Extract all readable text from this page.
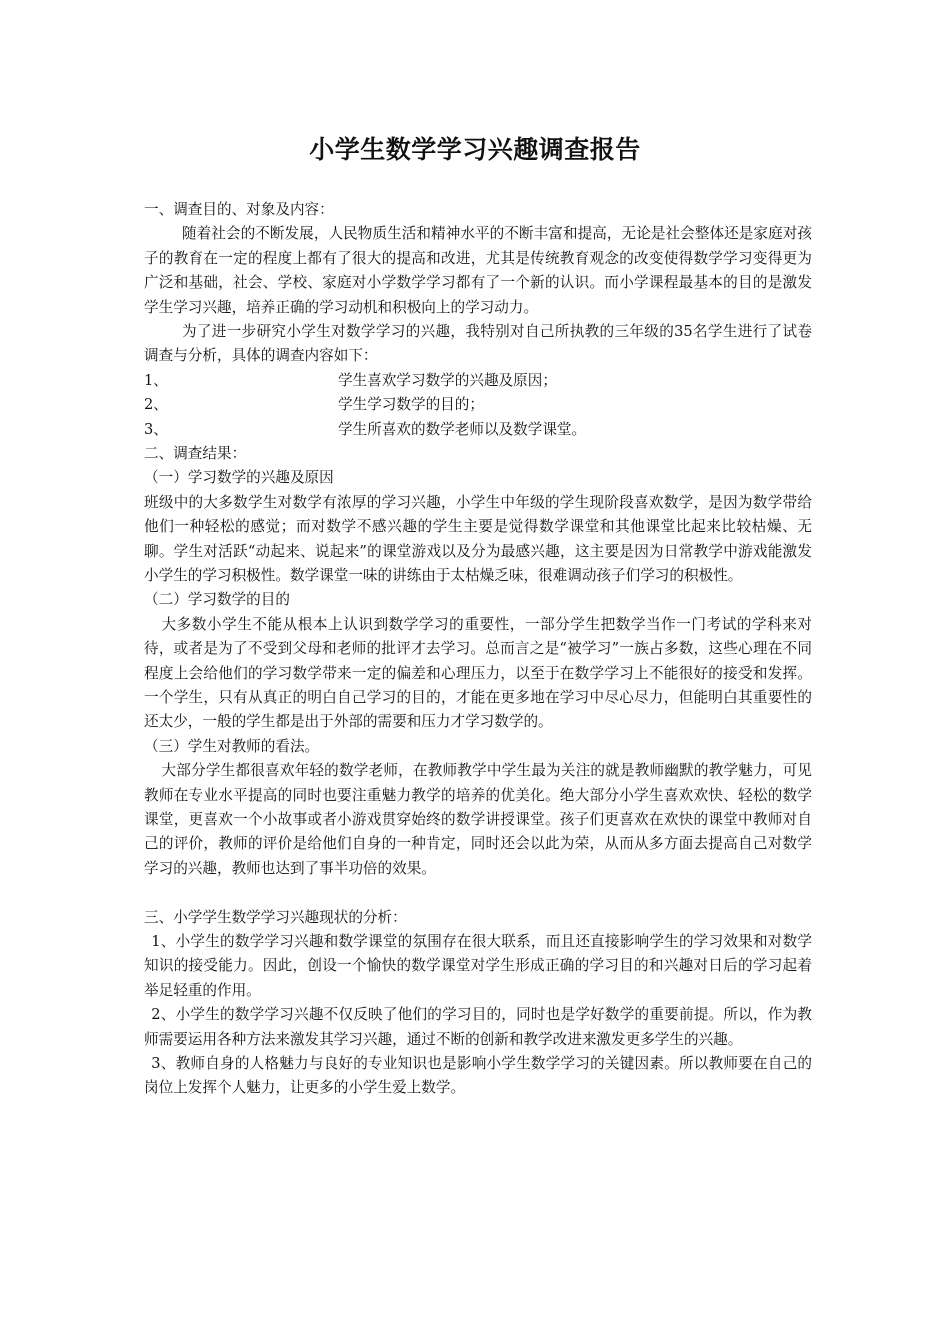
小学生数学学习兴趣调查报告
一、调查目的、对象及内容：

随着社会的不断发展，人民物质生活和精神水平的不断丰富和提高，无论是社会整体还是家庭对孩子的教育在一定的程度上都有了很大的提高和改进，尤其是传统教育观念的改变使得数学学习变得更为广泛和基础，社会、学校、家庭对小学数学学习都有了一个新的认识。而小学课程最基本的目的是激发学生学习兴趣，培养正确的学习动机和积极向上的学习动力。

为了进一步研究小学生对数学学习的兴趣，我特别对自己所执教的三年级的35名学生进行了试卷调查与分析，具体的调查内容如下：

1、	学生喜欢学习数学的兴趣及原因；
2、	学生学习数学的目的；
3、	学生所喜欢的数学老师以及数学课堂。
二、调查结果：
（一）学习数学的兴趣及原因

班级中的大多数学生对数学有浓厚的学习兴趣，小学生中年级的学生现阶段喜欢数学，是因为数学带给他们一种轻松的感觉；而对数学不感兴趣的学生主要是觉得数学课堂和其他课堂比起来比较枯燥、无聊。学生对活跃“动起来、说起来”的课堂游戏以及分为最感兴趣，这主要是因为日常教学中游戏能激发小学生的学习积极性。数学课堂一味的讲练由于太枯燥乏味，很难调动孩子们学习的积极性。

（二）学习数学的目的

大多数小学生不能从根本上认识到数学学习的重要性，一部分学生把数学当作一门考试的学科来对待，或者是为了不受到父母和老师的批评才去学习。总而言之是“被学习”一族占多数，这些心理在不同程度上会给他们的学习数学带来一定的偏差和心理压力，以至于在数学学习上不能很好的接受和发挥。一个学生，只有从真正的明白自己学习的目的，才能在更多地在学习中尽心尽力，但能明白其重要性的还太少，一般的学生都是出于外部的需要和压力才学习数学的。

（三）学生对教师的看法。

大部分学生都很喜欢年轻的数学老师，在教师教学中学生最为关注的就是教师幽默的教学魅力，可见教师在专业水平提高的同时也要注重魅力教学的培养的优美化。绝大部分小学生喜欢欢快、轻松的数学课堂，更喜欢一个小故事或者小游戏贯穿始终的数学讲授课堂。孩子们更喜欢在欢快的课堂中教师对自己的评价，教师的评价是给他们自身的一种肯定，同时还会以此为荣，从而从多方面去提高自己对数学学习的兴趣，教师也达到了事半功倍的效果。

三、小学学生数学学习兴趣现状的分析：

1、小学生的数学学习兴趣和数学课堂的氛围存在很大联系，而且还直接影响学生的学习效果和对数学知识的接受能力。因此，创设一个愉快的数学课堂对学生形成正确的学习目的和兴趣对日后的学习起着举足轻重的作用。

2、小学生的数学学习兴趣不仅反映了他们的学习目的，同时也是学好数学的重要前提。所以，作为教师需要运用各种方法来激发其学习兴趣，通过不断的创新和教学改进来激发更多学生的兴趣。

3、教师自身的人格魅力与良好的专业知识也是影响小学生数学学习的关键因素。所以教师要在自己的岗位上发挥个人魅力，让更多的小学生爱上数学。
